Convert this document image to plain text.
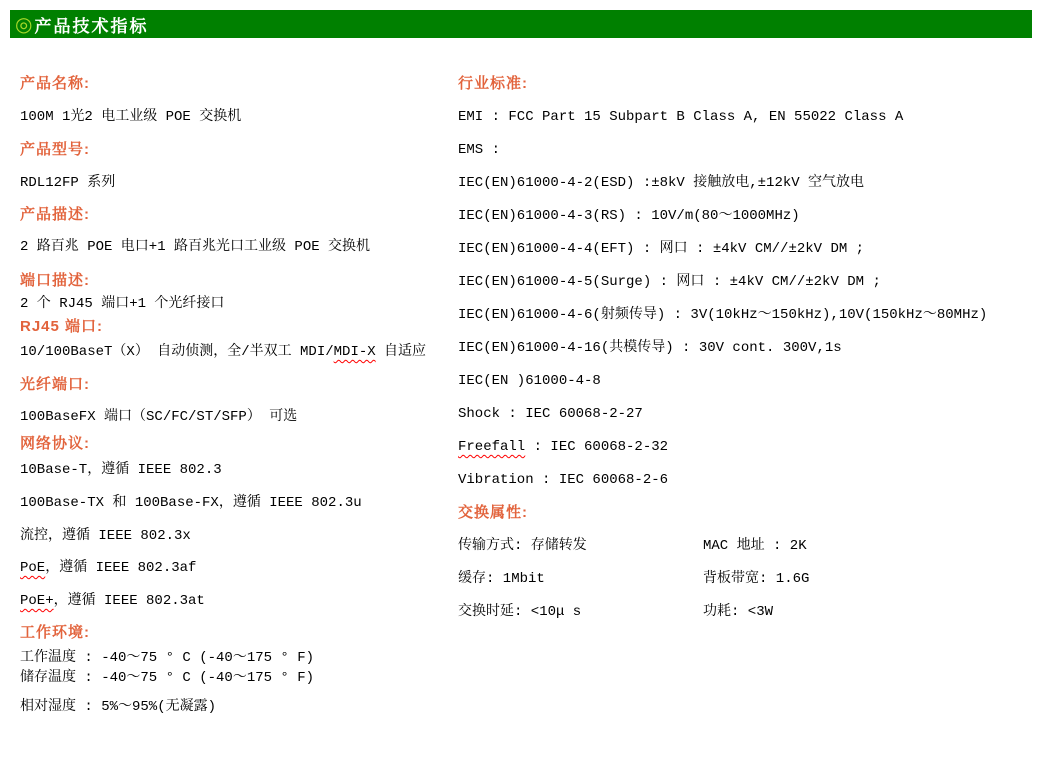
◎ 产品技术指标
产品名称:
100M 1光2 电工业级 POE 交换机
产品型号:
RDL12FP 系列
产品描述:
2 路百兆 POE 电口+1 路百兆光口工业级 POE 交换机
端口描述:
2 个 RJ45 端口+1 个光纤接口
RJ45 端口:
10/100BaseT（X） 自动侦测，全/半双工 MDI/MDI-X 自适应
光纤端口:
100BaseFX 端口（SC/FC/ST/SFP） 可选
网络协议:
10Base-T，遵循 IEEE 802.3
100Base-TX 和 100Base-FX，遵循 IEEE 802.3u
流控，遵循 IEEE 802.3x
PoE，遵循 IEEE 802.3af
PoE+，遵循 IEEE 802.3at
工作环境:
工作温度 : -40～75 ° C (-40～175 ° F)
储存温度 : -40～75 ° C (-40～175 ° F)
相对湿度 : 5%～95%(无凝露)
行业标准:
EMI : FCC Part 15 Subpart B Class A, EN 55022 Class A
EMS :
IEC(EN)61000-4-2(ESD) :±8kV 接触放电,±12kV 空气放电
IEC(EN)61000-4-3(RS) : 10V/m(80～1000MHz)
IEC(EN)61000-4-4(EFT) : 网口 : ±4kV CM//±2kV DM ;
IEC(EN)61000-4-5(Surge) : 网口 : ±4kV CM//±2kV DM ;
IEC(EN)61000-4-6(射频传导) : 3V(10kHz～150kHz),10V(150kHz～80MHz)
IEC(EN)61000-4-16(共模传导) : 30V cont. 300V,1s
IEC(EN )61000-4-8
Shock : IEC 60068-2-27
Freefall : IEC 60068-2-32
Vibration : IEC 60068-2-6
交换属性:
传输方式: 存储转发	MAC 地址 : 2K
缓存: 1Mbit	背板带宽: 1.6G
交换时延: <10μ s	功耗: <3W
